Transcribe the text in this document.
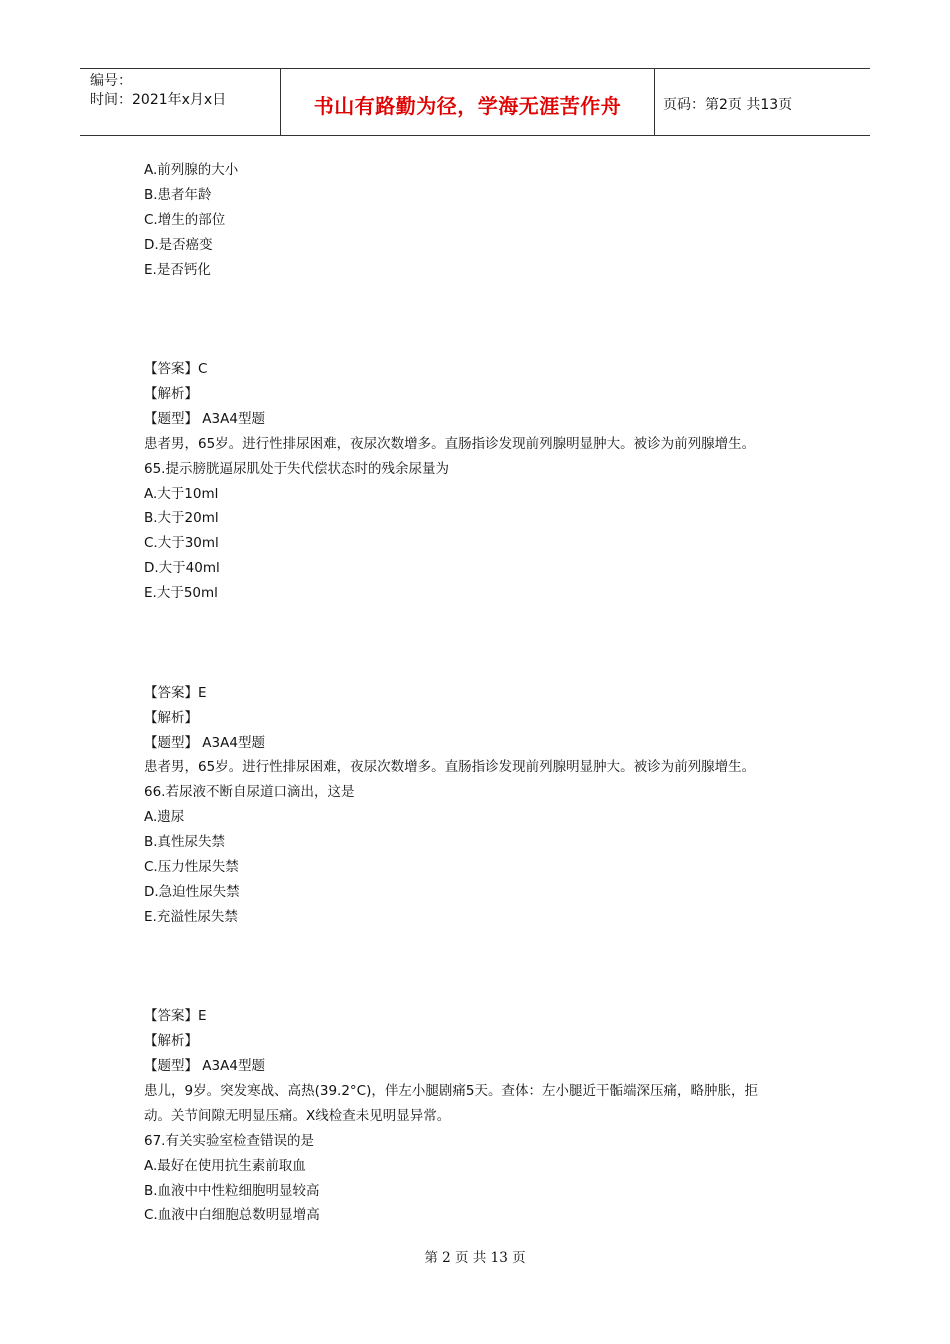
编号：
时间：2021年x月x日	书山有路勤为径，学海无涯苦作舟	页码：第2页 共13页
A.前列腺的大小
B.患者年龄
C.增生的部位
D.是否癌变
E.是否钙化
【答案】C
【解析】
【题型】 A3A4型题
患者男，65岁。进行性排尿困难，夜尿次数增多。直肠指诊发现前列腺明显肿大。被诊为前列腺增生。
65.提示膀胱逼尿肌处于失代偿状态时的残余尿量为
A.大于10ml
B.大于20ml
C.大于30ml
D.大于40ml
E.大于50ml
【答案】E
【解析】
【题型】 A3A4型题
患者男，65岁。进行性排尿困难，夜尿次数增多。直肠指诊发现前列腺明显肿大。被诊为前列腺增生。
66.若尿液不断自尿道口滴出，这是
A.遗尿
B.真性尿失禁
C.压力性尿失禁
D.急迫性尿失禁
E.充溢性尿失禁
【答案】E
【解析】
【题型】 A3A4型题
患儿，9岁。突发寒战、高热(39.2°C)，伴左小腿剧痛5天。查体：左小腿近干骺端深压痛，略肿胀，拒
动。关节间隙无明显压痛。X线检查未见明显异常。
67.有关实验室检查错误的是
A.最好在使用抗生素前取血
B.血液中中性粒细胞明显较高
C.血液中白细胞总数明显增高
第 2 页 共 13 页
